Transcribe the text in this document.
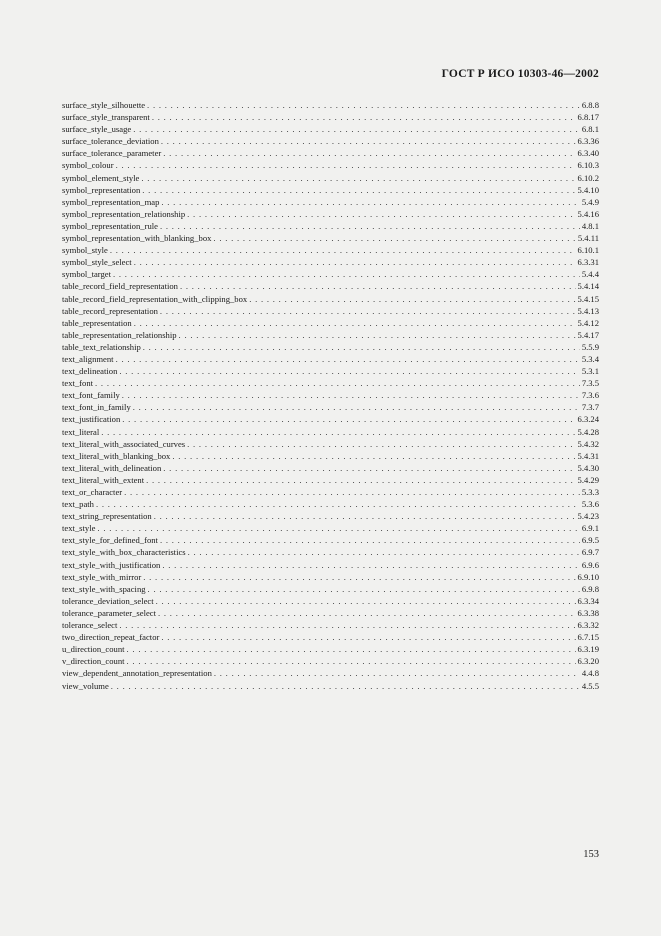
ГОСТ Р ИСО 10303-46—2002
surface_style_silhouette . . .	6.8.8
surface_style_transparent . . .	6.8.17
surface_style_usage . . .	6.8.1
surface_tolerance_deviation . . .	6.3.36
surface_tolerance_parameter . . .	6.3.40
symbol_colour . . .	6.10.3
symbol_element_style . . .	6.10.2
symbol_representation . . .	5.4.10
symbol_representation_map . . .	5.4.9
symbol_representation_relationship . . .	5.4.16
symbol_representation_rule . . .	4.8.1
symbol_representation_with_blanking_box . . .	5.4.11
symbol_style . . .	6.10.1
symbol_style_select . . .	6.3.31
symbol_target . . .	5.4.4
table_record_field_representation . . .	5.4.14
table_record_field_representation_with_clipping_box . . .	5.4.15
table_record_representation . . .	5.4.13
table_representation . . .	5.4.12
table_representation_relationship . . .	5.4.17
table_text_relationship . . .	5.5.9
text_alignment . . .	5.3.4
text_delineation . . .	5.3.1
text_font . . .	7.3.5
text_font_family . . .	7.3.6
text_font_in_family . . .	7.3.7
text_justification . . .	6.3.24
text_literal . . .	5.4.28
text_literal_with_associated_curves . . .	5.4.32
text_literal_with_blanking_box . . .	5.4.31
text_literal_with_delineation . . .	5.4.30
text_literal_with_extent . . .	5.4.29
text_or_character . . .	5.3.3
text_path . . .	5.3.6
text_string_representation . . .	5.4.23
text_style . . .	6.9.1
text_style_for_defined_font . . .	6.9.5
text_style_with_box_characteristics . . .	6.9.7
text_style_with_justification . . .	6.9.6
text_style_with_mirror . . .	6.9.10
text_style_with_spacing . . .	6.9.8
tolerance_deviation_select . . .	6.3.34
tolerance_parameter_select . . .	6.3.38
tolerance_select . . .	6.3.32
two_direction_repeat_factor . . .	6.7.15
u_direction_count . . .	6.3.19
v_direction_count . . .	6.3.20
view_dependent_annotation_representation . . .	4.4.8
view_volume . . .	4.5.5
153
